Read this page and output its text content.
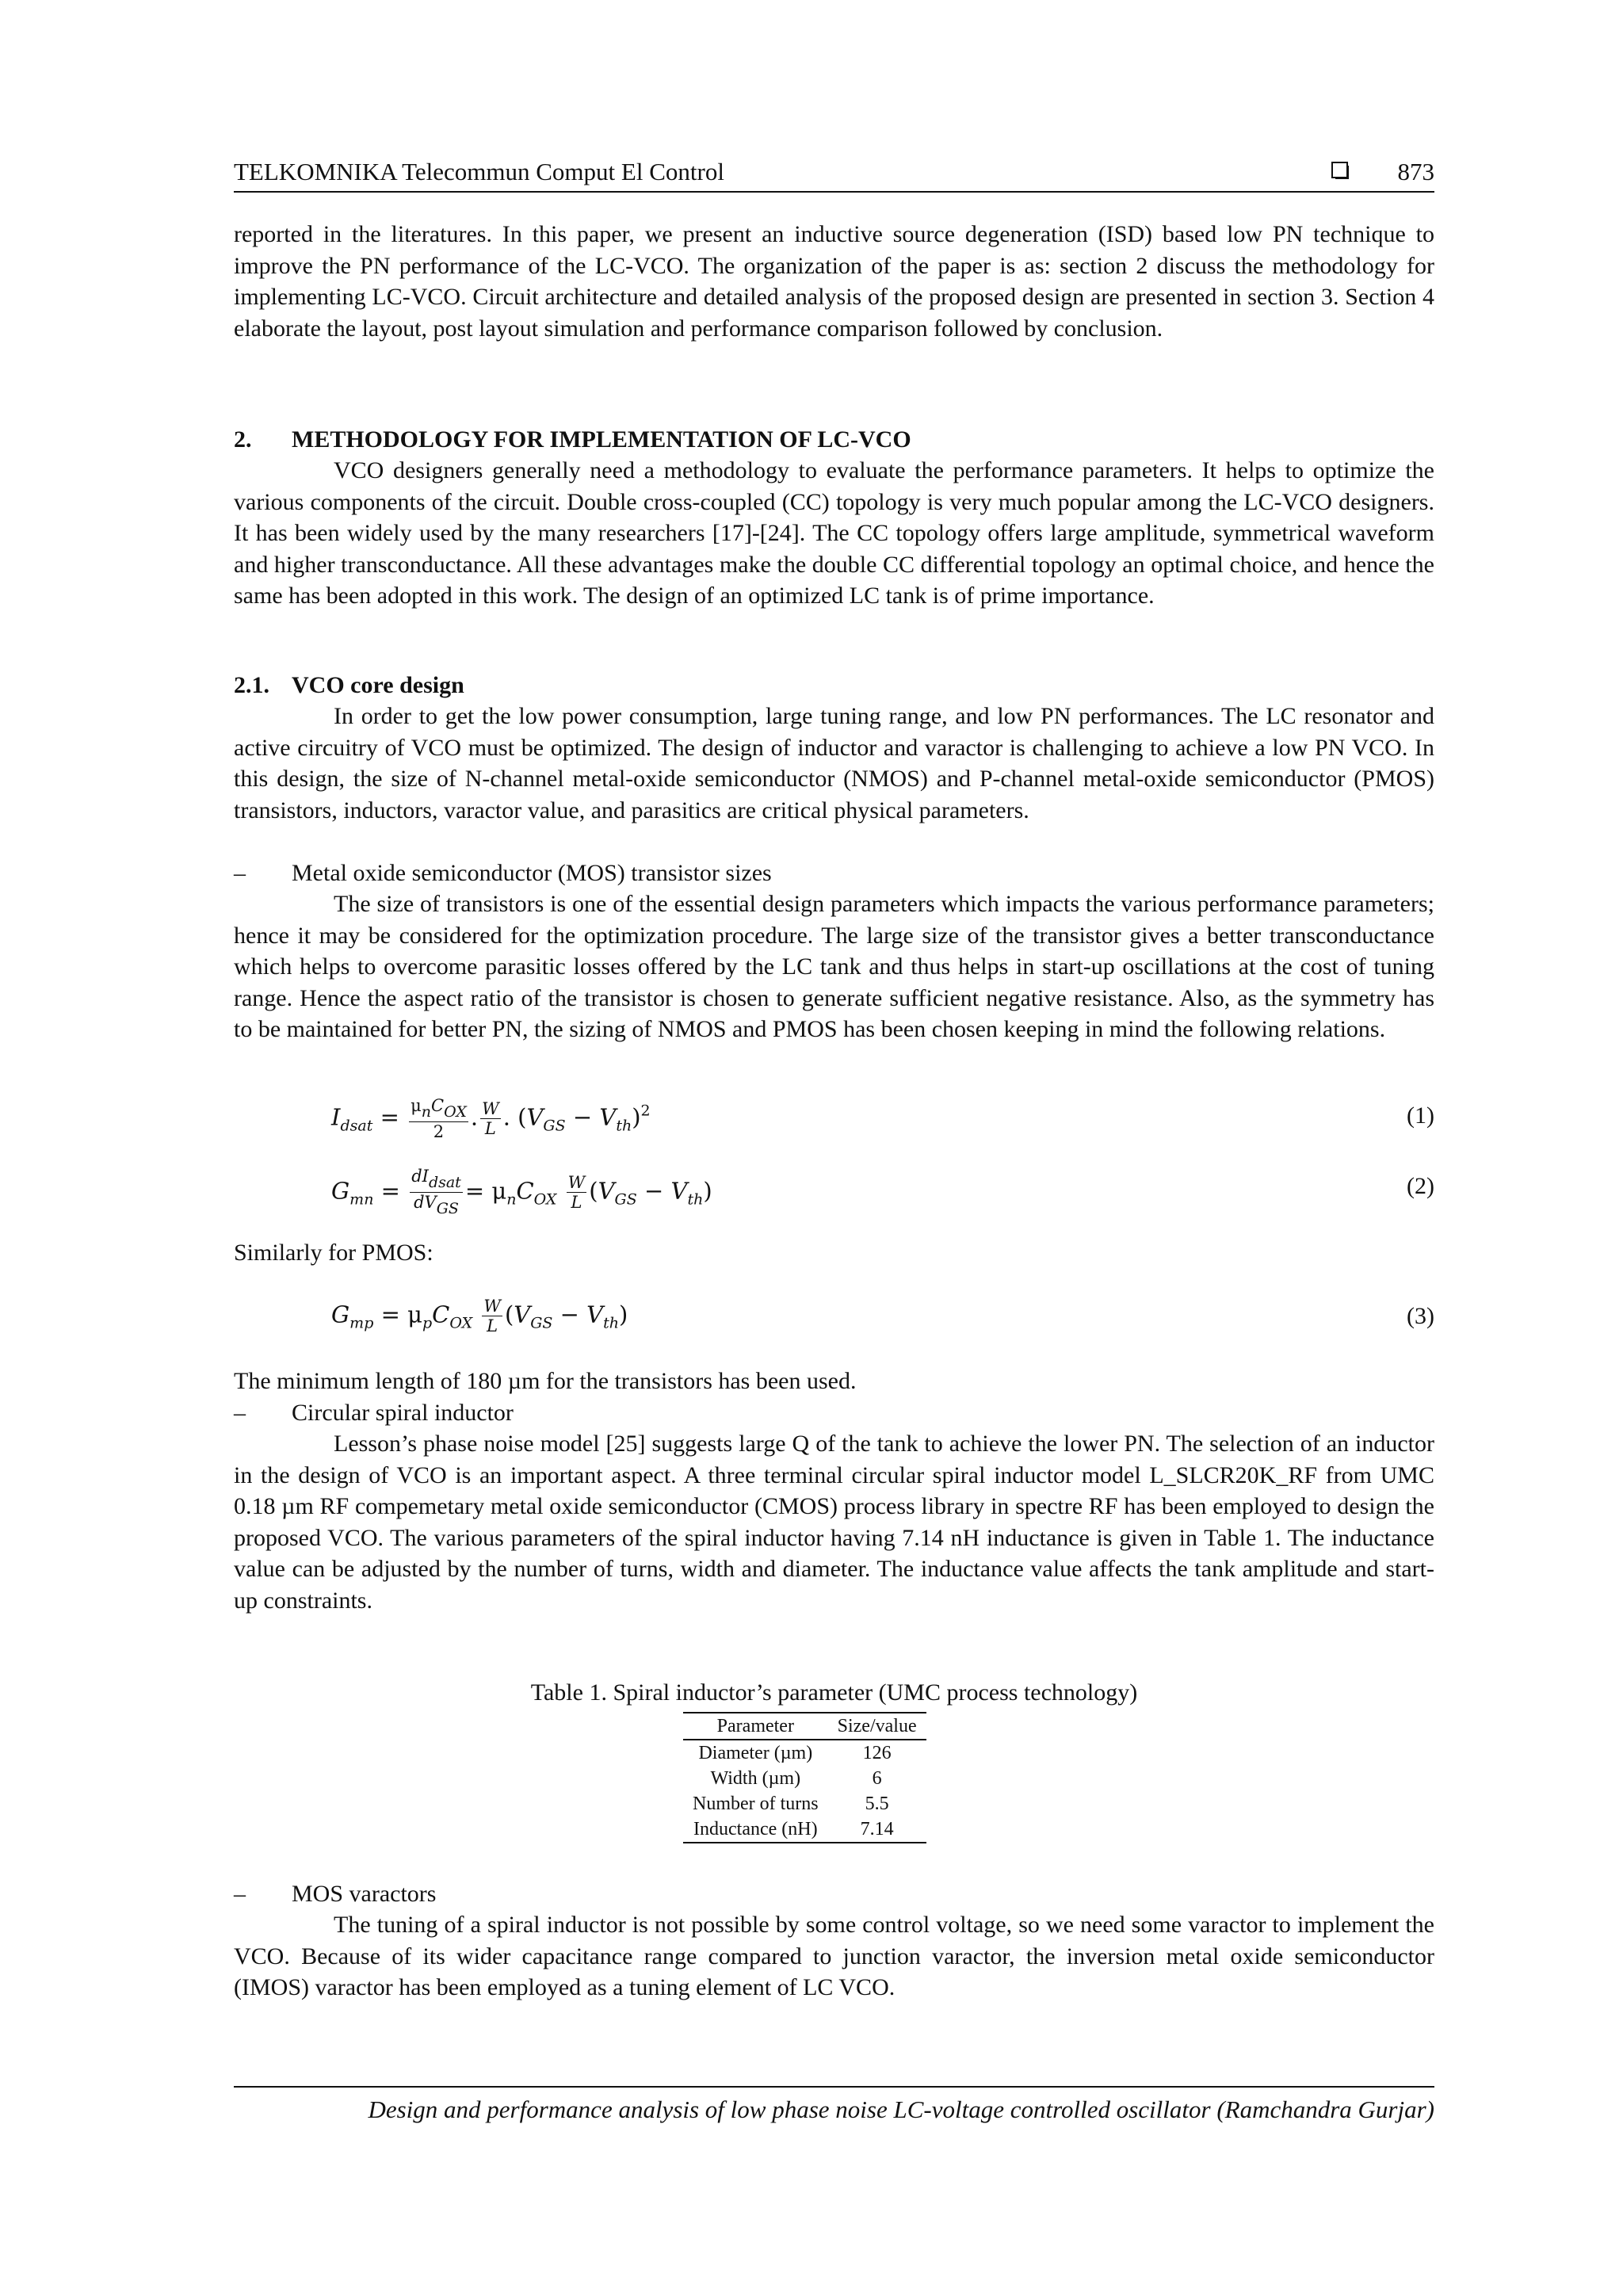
TELKOMNIKA Telecommun Comput El Control	873

reported in the literatures. In this paper, we present an inductive source degeneration (ISD) based low PN technique to improve the PN performance of the LC-VCO. The organization of the paper is as: section 2 discuss the methodology for implementing LC-VCO. Circuit architecture and detailed analysis of the proposed design are presented in section 3. Section 4 elaborate the layout, post layout simulation and performance comparison followed by conclusion.

2. METHODOLOGY FOR IMPLEMENTATION OF LC-VCO

VCO designers generally need a methodology to evaluate the performance parameters. It helps to optimize the various components of the circuit. Double cross-coupled (CC) topology is very much popular among the LC-VCO designers. It has been widely used by the many researchers [17]-[24]. The CC topology offers large amplitude, symmetrical waveform and higher transconductance. All these advantages make the double CC differential topology an optimal choice, and hence the same has been adopted in this work. The design of an optimized LC tank is of prime importance.

2.1. VCO core design

In order to get the low power consumption, large tuning range, and low PN performances. The LC resonator and active circuitry of VCO must be optimized. The design of inductor and varactor is challenging to achieve a low PN VCO. In this design, the size of N-channel metal-oxide semiconductor (NMOS) and P-channel metal-oxide semiconductor (PMOS) transistors, inductors, varactor value, and parasitics are critical physical parameters.

– Metal oxide semiconductor (MOS) transistor sizes

The size of transistors is one of the essential design parameters which impacts the various performance parameters; hence it may be considered for the optimization procedure. The large size of the transistor gives a better transconductance which helps to overcome parasitic losses offered by the LC tank and thus helps in start-up oscillations at the cost of tuning range. Hence the aspect ratio of the transistor is chosen to generate sufficient negative resistance. Also, as the symmetry has to be maintained for better PN, the sizing of NMOS and PMOS has been chosen keeping in mind the following relations.

$I_{dsat} = \frac{\text{μnCOX}}{2}$ . $\frac{W}{L}$ . $(V_{GS} - V_{th})^2$	(1)
$G_{mn} = \frac{\text{dIdsat}}{\text{dVGS}} = \mu_nC_{OX} \frac{W}{L} (V_{GS} - V_{th})$	(2)
Similarly for PMOS:
$G_{mp} = \mu_pC_{OX} \frac{W}{L} (V_{GS} - V_{th})$	(3)
The minimum length of 180 µm for the transistors has been used.
– Circular spiral inductor

Lesson’s phase noise model [25] suggests large Q of the tank to achieve the lower PN. The selection of an inductor in the design of VCO is an important aspect. A three terminal circular spiral inductor model L_SLCR20K_RF from UMC 0.18 µm RF compemetary metal oxide semiconductor (CMOS) process library in spectre RF has been employed to design the proposed VCO. The various parameters of the spiral inductor having 7.14 nH inductance is given in Table 1. The inductance value can be adjusted by the number of turns, width and diameter. The inductance value affects the tank amplitude and start-up constraints.

Table 1. Spiral inductor’s parameter (UMC process technology)
Parameter	Size/value
Diameter (µm)	126
Width (µm)	6
Number of turns	5.5
Inductance (nH)	7.14
– MOS varactors

The tuning of a spiral inductor is not possible by some control voltage, so we need some varactor to implement the VCO. Because of its wider capacitance range compared to junction varactor, the inversion metal oxide semiconductor (IMOS) varactor has been employed as a tuning element of LC VCO.

Design and performance analysis of low phase noise LC-voltage controlled oscillator (Ramchandra Gurjar)
